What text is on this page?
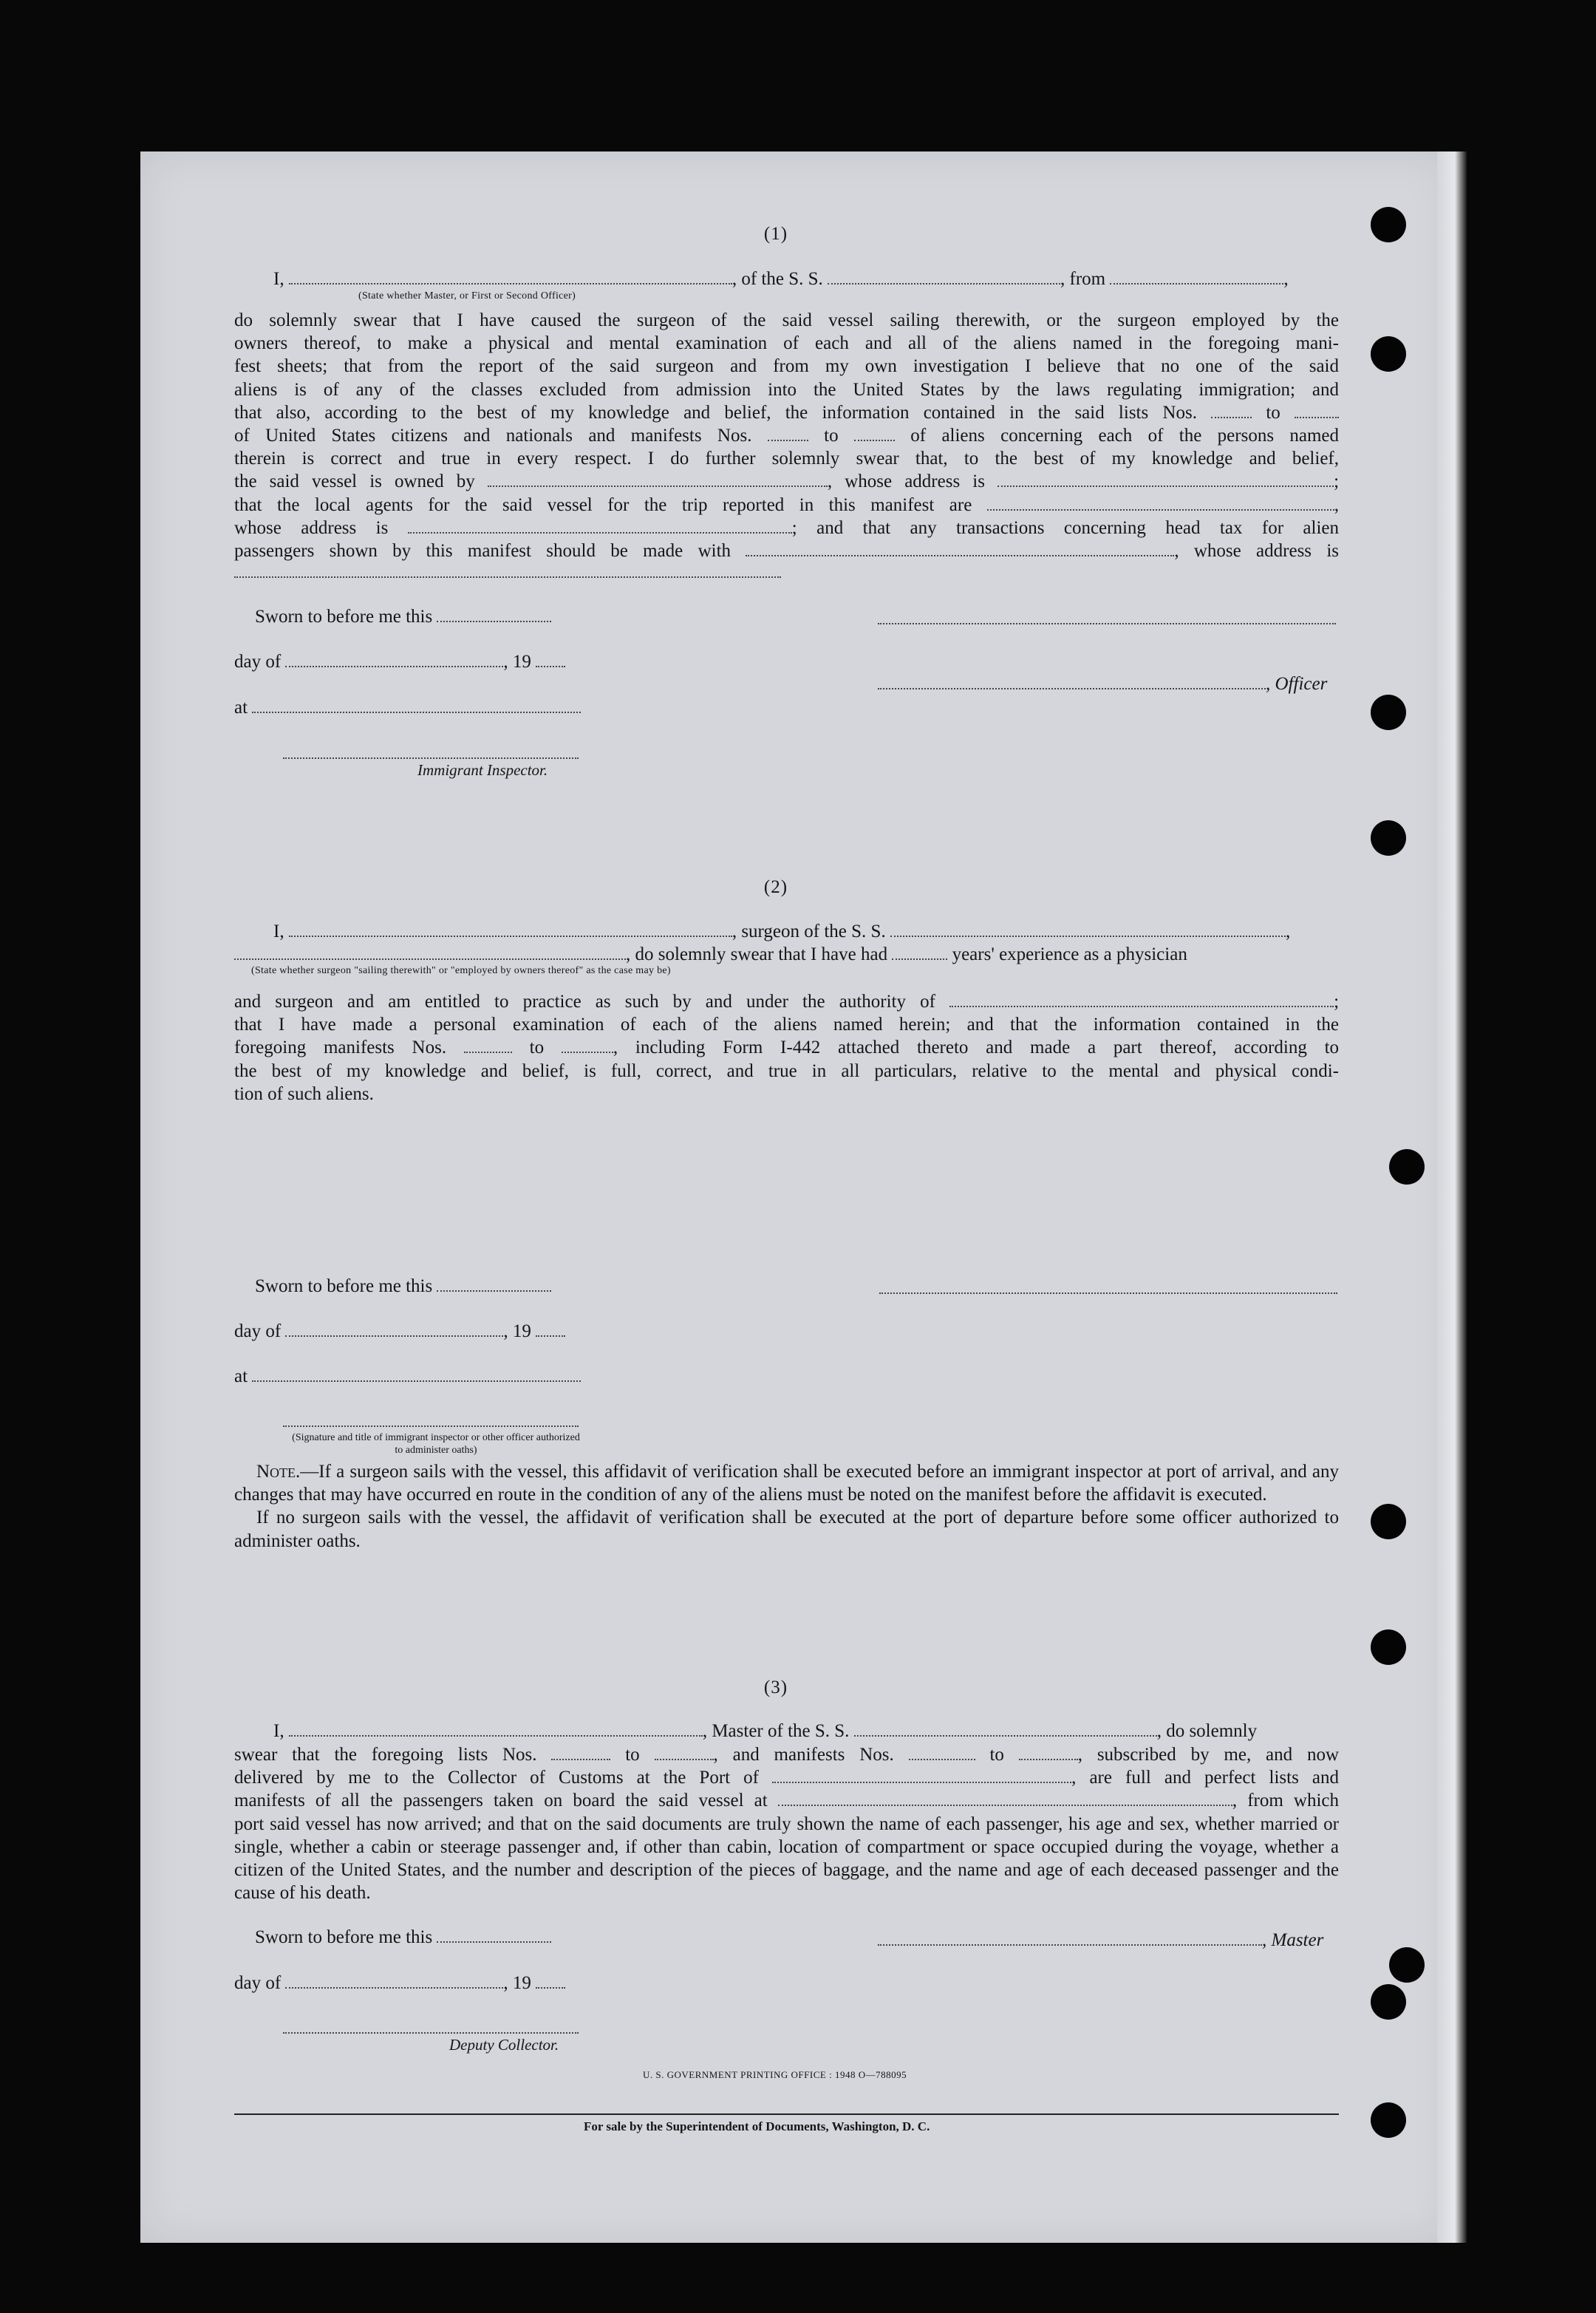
(1)
I,	, of the S. S.	, from	,
(State whether Master, or First or Second Officer)
do solemnly swear that I have caused the surgeon of the said vessel sailing therewith, or the surgeon employed by the
owners thereof, to make a physical and mental examination of each and all of the aliens named in the foregoing mani-
fest sheets; that from the report of the said surgeon and from my own investigation I believe that no one of the said
aliens is of any of the classes excluded from admission into the United States by the laws regulating immigration; and
that also, according to the best of my knowledge and belief, the information contained in the said lists Nos.	to
of United States citizens and nationals and manifests Nos.	to	of aliens concerning each of the persons named
therein is correct and true in every respect. I do further solemnly swear that, to the best of my knowledge and belief,
the said vessel is owned by	, whose address is	;
that the local agents for the said vessel for the trip reported in this manifest are	,
whose address is	; and that any transactions concerning head tax for alien
passengers shown by this manifest should be made with	, whose address is
Sworn to before me this
day of	, 19
, Officer
at
Immigrant Inspector.
(2)
I,	, surgeon of the S. S.	,
, do solemnly swear that I have had	years' experience as a physician
(State whether surgeon "sailing therewith" or "employed by owners thereof" as the case may be)
and surgeon and am entitled to practice as such by and under the authority of	;
that I have made a personal examination of each of the aliens named herein; and that the information contained in the
foregoing manifests Nos.	to	, including Form I-442 attached thereto and made a part thereof, according to
the best of my knowledge and belief, is full, correct, and true in all particulars, relative to the mental and physical condi-
tion of such aliens.
Sworn to before me this
day of	, 19
at
(Signature and title of immigrant inspector or other officer authorized to administer oaths)
Note.—If a surgeon sails with the vessel, this affidavit of verification shall be executed before an immigrant inspector at port of arrival, and any changes that may have occurred en route in the condition of any of the aliens must be noted on the manifest before the affidavit is executed.
If no surgeon sails with the vessel, the affidavit of verification shall be executed at the port of departure before some officer authorized to administer oaths.
(3)
I,	, Master of the S. S.	, do solemnly
swear that the foregoing lists Nos.	to	, and manifests Nos.	to	, subscribed by me, and now
delivered by me to the Collector of Customs at the Port of	, are full and perfect lists and
manifests of all the passengers taken on board the said vessel at	, from which
port said vessel has now arrived; and that on the said documents are truly shown the name of each passenger, his age and sex, whether married or single, whether a cabin or steerage passenger and, if other than cabin, location of compartment or space occupied during the voyage, whether a citizen of the United States, and the number and description of the pieces of baggage, and the name and age of each deceased passenger and the cause of his death.
Sworn to before me this	, Master
day of	, 19
Deputy Collector.
U. S. GOVERNMENT PRINTING OFFICE : 1948 O—788095
For sale by the Superintendent of Documents, Washington, D. C.
